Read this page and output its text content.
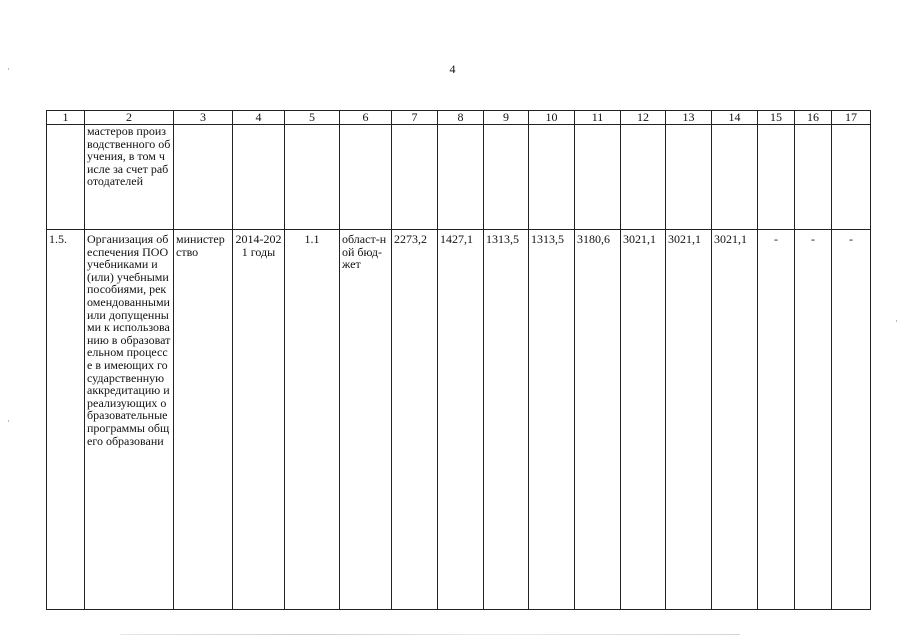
4
1	2	3	4	5	6	7	8	9	10	11	12	13	14	15	16	17
	мастеров производственного обучения, в том числе за счет работодателей															
1.5.	Организация обеспечения ПОО учебниками и (или) учебными пособиями, рекомендованными или допущенными к использованию в образовательном процессе в имеющих государственную аккредитацию и реализующих образовательные программы общего образовани	министерство	2014-2021 годы	1.1	област-ной бюд-жет	2273,2	1427,1	1313,5	1313,5	3180,6	3021,1	3021,1	3021,1	-	-	-
